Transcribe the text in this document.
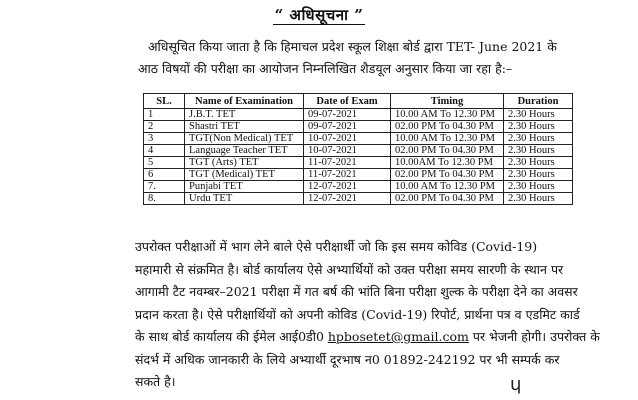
“ अधिसूचना ”

अधिसूचित किया जाता है कि हिमाचल प्रदेश स्कूल शिक्षा बोर्ड द्वारा TET- June 2021 के

आठ विषयों की परीक्षा का आयोजन निम्नलिखित शैडयूल अनुसार किया जा रहा है:–

SL.	Name of Examination	Date of Exam	Timing	Duration
1	J.B.T. TET	09-07-2021	10.00 AM To 12.30 PM	2.30 Hours
2	Shastri TET	09-07-2021	02.00 PM To 04.30 PM	2.30 Hours
3	TGT(Non Medical) TET	10-07-2021	10.00 AM To 12.30 PM	2.30 Hours
4	Language Teacher TET	10-07-2021	02.00 PM To 04.30 PM	2.30 Hours
5	TGT (Arts) TET	11-07-2021	10.00AM To 12.30 PM	2.30 Hours
6	TGT (Medical) TET	11-07-2021	02.00 PM To 04.30 PM	2.30 Hours
7.	Punjabi TET	12-07-2021	10.00 AM To 12.30 PM	2.30 Hours
8.	Urdu TET	12-07-2021	02.00 PM To 04.30 PM	2.30 Hours

उपरोक्त परीक्षाओं में भाग लेने बाले ऐसे परीक्षार्थी जो कि इस समय कोविड (Covid-19)

महामारी से संक्रमित है। बोर्ड कार्यालय ऐसे अभ्यार्थियों को उक्त परीक्षा समय सारणी के स्थान पर

आगामी टैट नवम्बर–2021 परीक्षा में गत बर्ष की भांति बिना परीक्षा शुल्क के परीक्षा देने का अवसर

प्रदान करता है। ऐसे परीक्षार्थियों को अपनी कोविड (Covid-19) रिपोर्ट, प्रार्थना पत्र व एडमिट कार्ड

के साथ बोर्ड कार्यालय की ईमेल आई0डी0 hpbosetet@gmail.com पर भेजनी होगी। उपरोक्त के

संदर्भ में अधिक जानकारी के लिये अभ्यार्थी दूरभाष न0 01892-242192 पर भी सम्पर्क कर

सकते है।	ɥ
